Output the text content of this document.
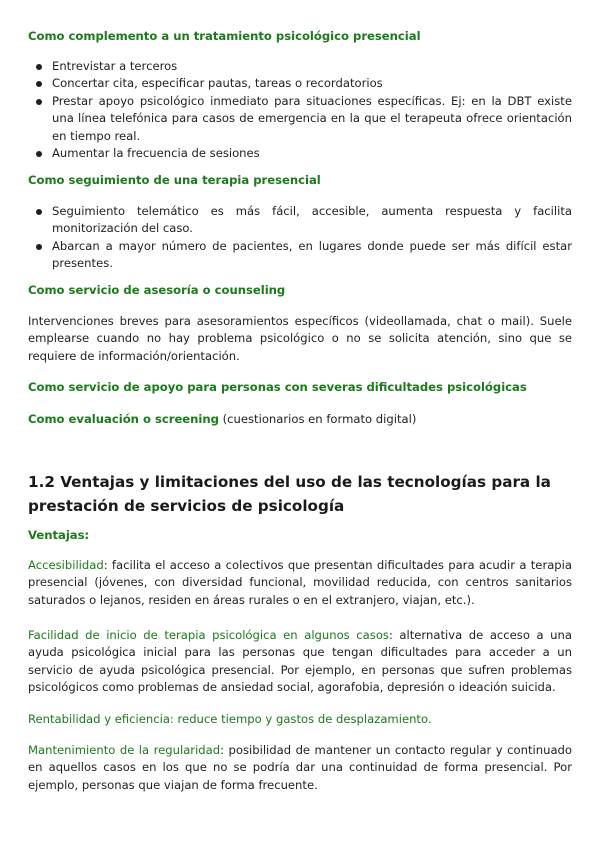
Como complemento a un tratamiento psicológico presencial

Entrevistar a terceros
Concertar cita, especificar pautas, tareas o recordatorios
Prestar apoyo psicológico inmediato para situaciones específicas. Ej: en la DBT existe una línea telefónica para casos de emergencia en la que el terapeuta ofrece orientación en tiempo real.
Aumentar la frecuencia de sesiones

Como seguimiento de una terapia presencial

Seguimiento telemático es más fácil, accesible, aumenta respuesta y facilita monitorización del caso.
Abarcan a mayor número de pacientes, en lugares donde puede ser más difícil estar presentes.

Como servicio de asesoría o counseling

Intervenciones breves para asesoramientos específicos (videollamada, chat o mail). Suele emplearse cuando no hay problema psicológico o no se solicita atención, sino que se requiere de información/orientación.

Como servicio de apoyo para personas con severas dificultades psicológicas

Como evaluación o screening (cuestionarios en formato digital)

1.2 Ventajas y limitaciones del uso de las tecnologías para la prestación de servicios de psicología

Ventajas:

Accesibilidad: facilita el acceso a colectivos que presentan dificultades para acudir a terapia presencial (jóvenes, con diversidad funcional, movilidad reducida, con centros sanitarios saturados o lejanos, residen en áreas rurales o en el extranjero, viajan, etc.).

Facilidad de inicio de terapia psicológica en algunos casos: alternativa de acceso a una ayuda psicológica inicial para las personas que tengan dificultades para acceder a un servicio de ayuda psicológica presencial. Por ejemplo, en personas que sufren problemas psicológicos como problemas de ansiedad social, agorafobia, depresión o ideación suicida.

Rentabilidad y eficiencia: reduce tiempo y gastos de desplazamiento.

Mantenimiento de la regularidad: posibilidad de mantener un contacto regular y continuado en aquellos casos en los que no se podría dar una continuidad de forma presencial. Por ejemplo, personas que viajan de forma frecuente.
